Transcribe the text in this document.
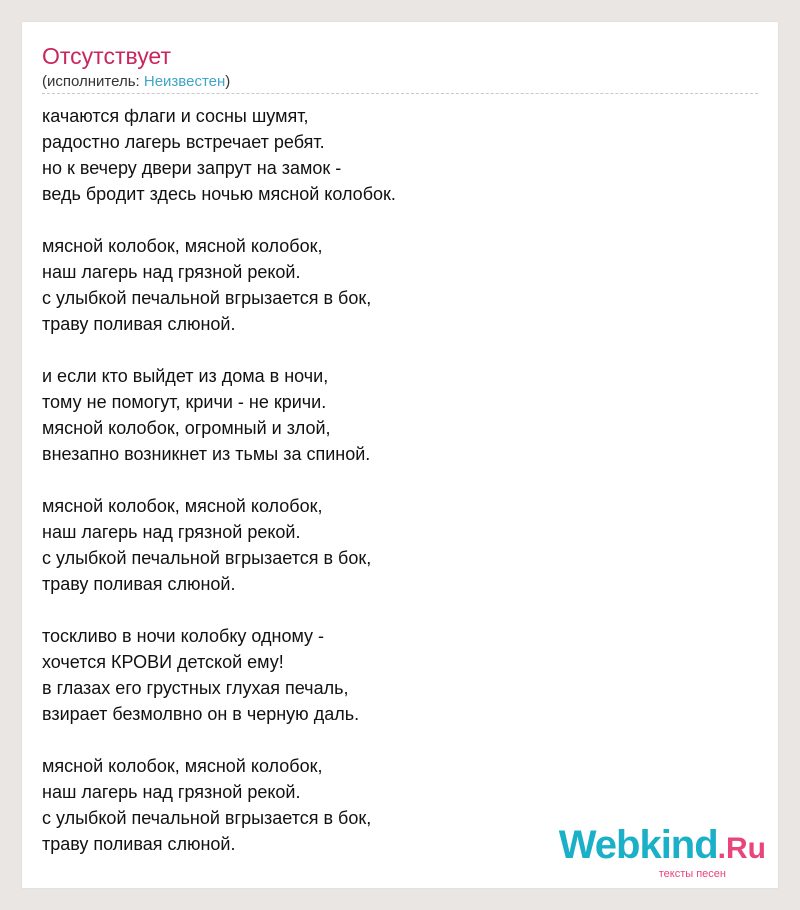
Отсутствует
(исполнитель: Неизвестен)
качаются флаги и сосны шумят,
радостно лагерь встречает ребят.
но к вечеру двери запрут на замок -
ведь бродит здесь ночью мясной колобок.
мясной колобок, мясной колобок,
наш лагерь над грязной рекой.
с улыбкой печальной вгрызается в бок,
траву поливая слюной.
и если кто выйдет из дома в ночи,
тому не помогут, кричи - не кричи.
мясной колобок, огромный и злой,
внезапно возникнет из тьмы за спиной.
мясной колобок, мясной колобок,
наш лагерь над грязной рекой.
с улыбкой печальной вгрызается в бок,
траву поливая слюной.
тоскливо в ночи колобку одному -
хочется КРОВИ детской ему!
в глазах его грустных глухая печаль,
взирает безмолвно он в черную даль.
мясной колобок, мясной колобок,
наш лагерь над грязной рекой.
с улыбкой печальной вгрызается в бок,
траву поливая слюной.	Webkind.Ru
тексты песен
